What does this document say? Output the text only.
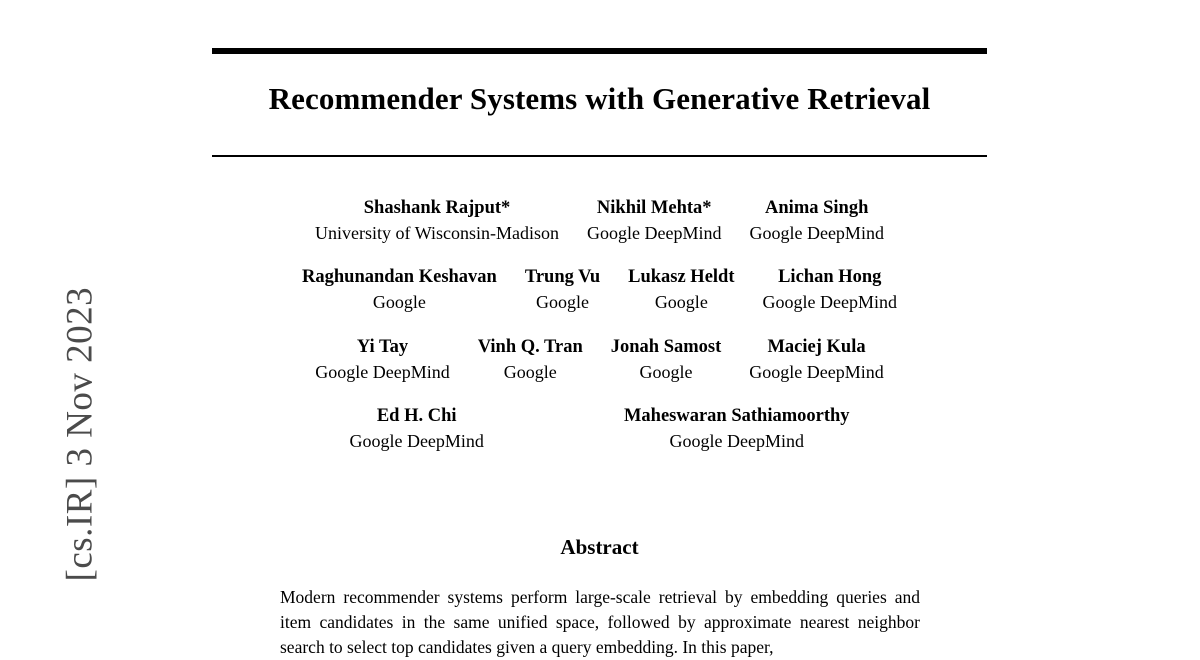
[cs.IR] 3 Nov 2023
Recommender Systems with Generative Retrieval
Shashank Rajput*
University of Wisconsin-Madison
Nikhil Mehta*
Google DeepMind
Anima Singh
Google DeepMind
Raghunandan Keshavan
Google
Trung Vu
Google
Lukasz Heldt
Google
Lichan Hong
Google DeepMind
Yi Tay
Google DeepMind
Vinh Q. Tran
Google
Jonah Samost
Google
Maciej Kula
Google DeepMind
Ed H. Chi
Google DeepMind
Maheswaran Sathiamoorthy
Google DeepMind
Abstract
Modern recommender systems perform large-scale retrieval by embedding queries and item candidates in the same unified space, followed by approximate nearest neighbor search to select top candidates given a query embedding. In this paper,
